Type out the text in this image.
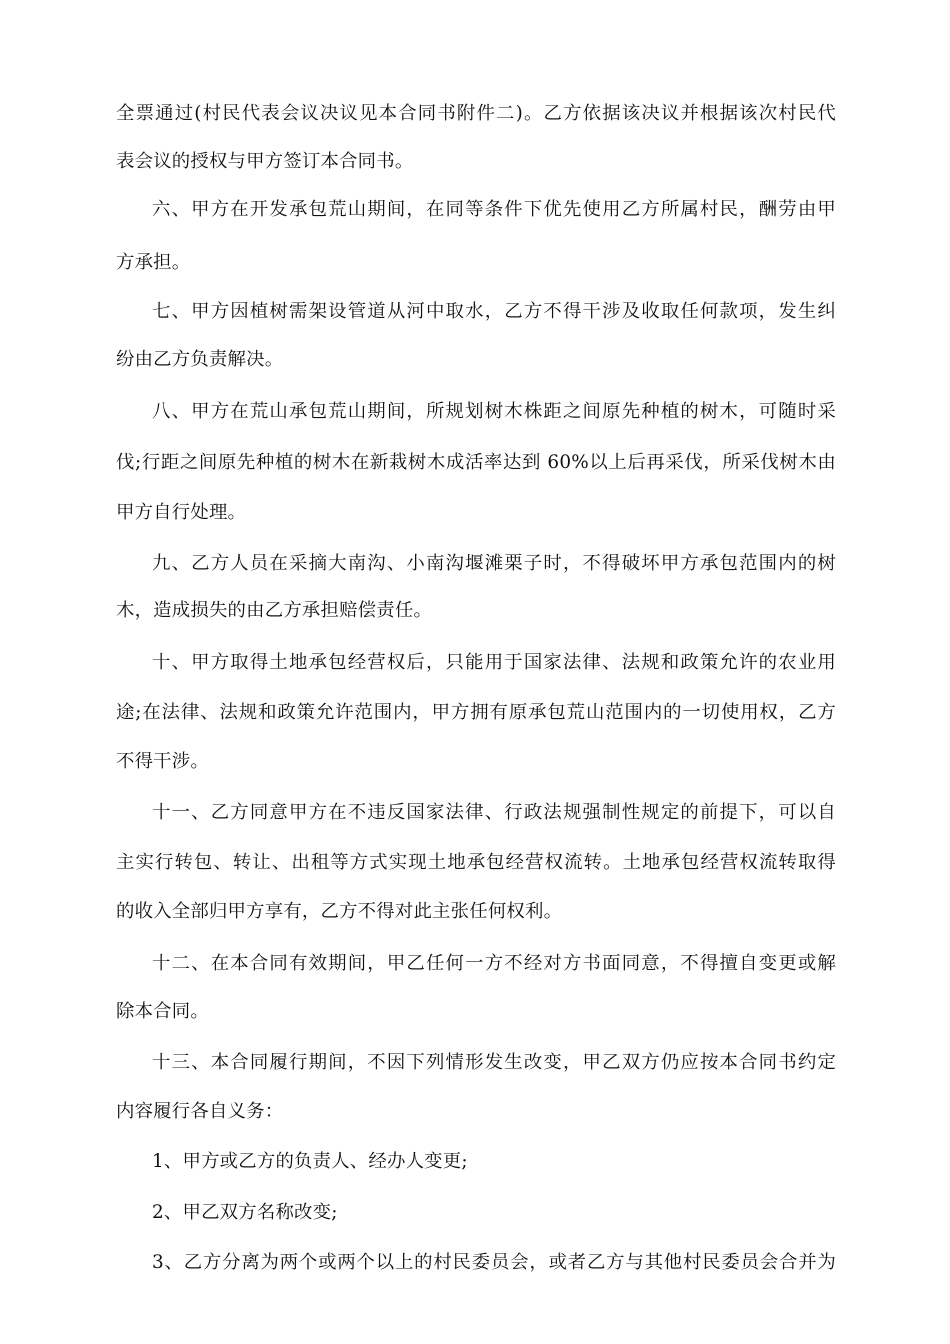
全票通过(村民代表会议决议见本合同书附件二)。乙方依据该决议并根据该次村民代
表会议的授权与甲方签订本合同书。
六、甲方在开发承包荒山期间，在同等条件下优先使用乙方所属村民，酬劳由甲
方承担。
七、甲方因植树需架设管道从河中取水，乙方不得干涉及收取任何款项，发生纠
纷由乙方负责解决。
八、甲方在荒山承包荒山期间，所规划树木株距之间原先种植的树木，可随时采
伐;行距之间原先种植的树木在新栽树木成活率达到 60%以上后再采伐，所采伐树木由
甲方自行处理。
九、乙方人员在采摘大南沟、小南沟堰滩栗子时，不得破坏甲方承包范围内的树
木，造成损失的由乙方承担赔偿责任。
十、甲方取得土地承包经营权后，只能用于国家法律、法规和政策允许的农业用
途;在法律、法规和政策允许范围内，甲方拥有原承包荒山范围内的一切使用权，乙方
不得干涉。
十一、乙方同意甲方在不违反国家法律、行政法规强制性规定的前提下，可以自
主实行转包、转让、出租等方式实现土地承包经营权流转。土地承包经营权流转取得
的收入全部归甲方享有，乙方不得对此主张任何权利。
十二、在本合同有效期间，甲乙任何一方不经对方书面同意，不得擅自变更或解
除本合同。
十三、本合同履行期间，不因下列情形发生改变，甲乙双方仍应按本合同书约定
内容履行各自义务：
1、甲方或乙方的负责人、经办人变更;
2、甲乙双方名称改变;
3、乙方分离为两个或两个以上的村民委员会，或者乙方与其他村民委员会合并为
